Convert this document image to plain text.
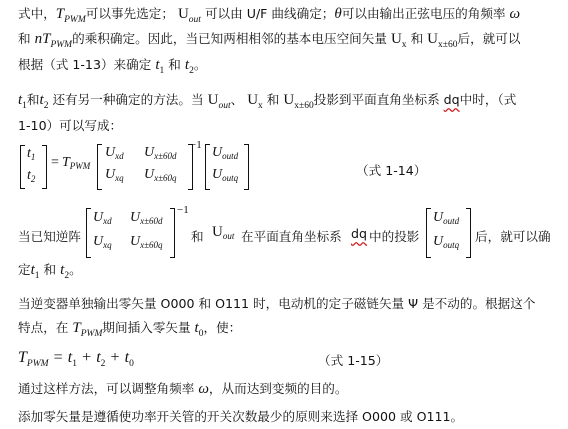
式中，$T_{PWM}$可以事先选定； $U_{out}$ 可以由 U/F 曲线确定；θ可以由输出正弦电压的角频率 ω
和 $nT_{PWM}$的乘积确定。因此，当已知两相相邻的基本电压空间矢量 $U_x$ 和 $U_{x\pm 60}$后，就可以
根据（式 1-13）来确定 $t_1$ 和 $t_2$。
$t_1$和$t_2$ 还有另一种确定的方法。当 $U_{out}$、 $U_x$ 和 $U_{x\pm 60}$投影到平面直角坐标系 dq中时，（式
1-10）可以写成：
$t_1$
$t_2$
= $T_{PWM}$
$U_{xd}$ $U_{x\pm 60d}$
$U_{xq}$ $U_{x\pm 60q}$
−1 $U_{outd}$
$U_{outq}$	（式 1-14）
当已知逆阵
$U_{xd}$ $U_{x\pm 60d}$
$U_{xq}$ $U_{x\pm 60q}$
−1
和 $U_{out}$ 在平面直角坐标系 dq 中的投影
$U_{outd}$
$U_{outq}$
后，就可以确
定$t_1$ 和 $t_2$。
当逆变器单独输出零矢量 O000 和 O111 时，电动机的定子磁链矢量 Ψ 是不动的。根据这个
特点，在 $T_{PWM}$期间插入零矢量 $t_0$，使：
$T_{PWM} = t_1 + t_2 + t_0$	（式 1-15）
通过这样方法，可以调整角频率 ω，从而达到变频的目的。
添加零矢量是遵循使功率开关管的开关次数最少的原则来选择 O000 或 O111。
